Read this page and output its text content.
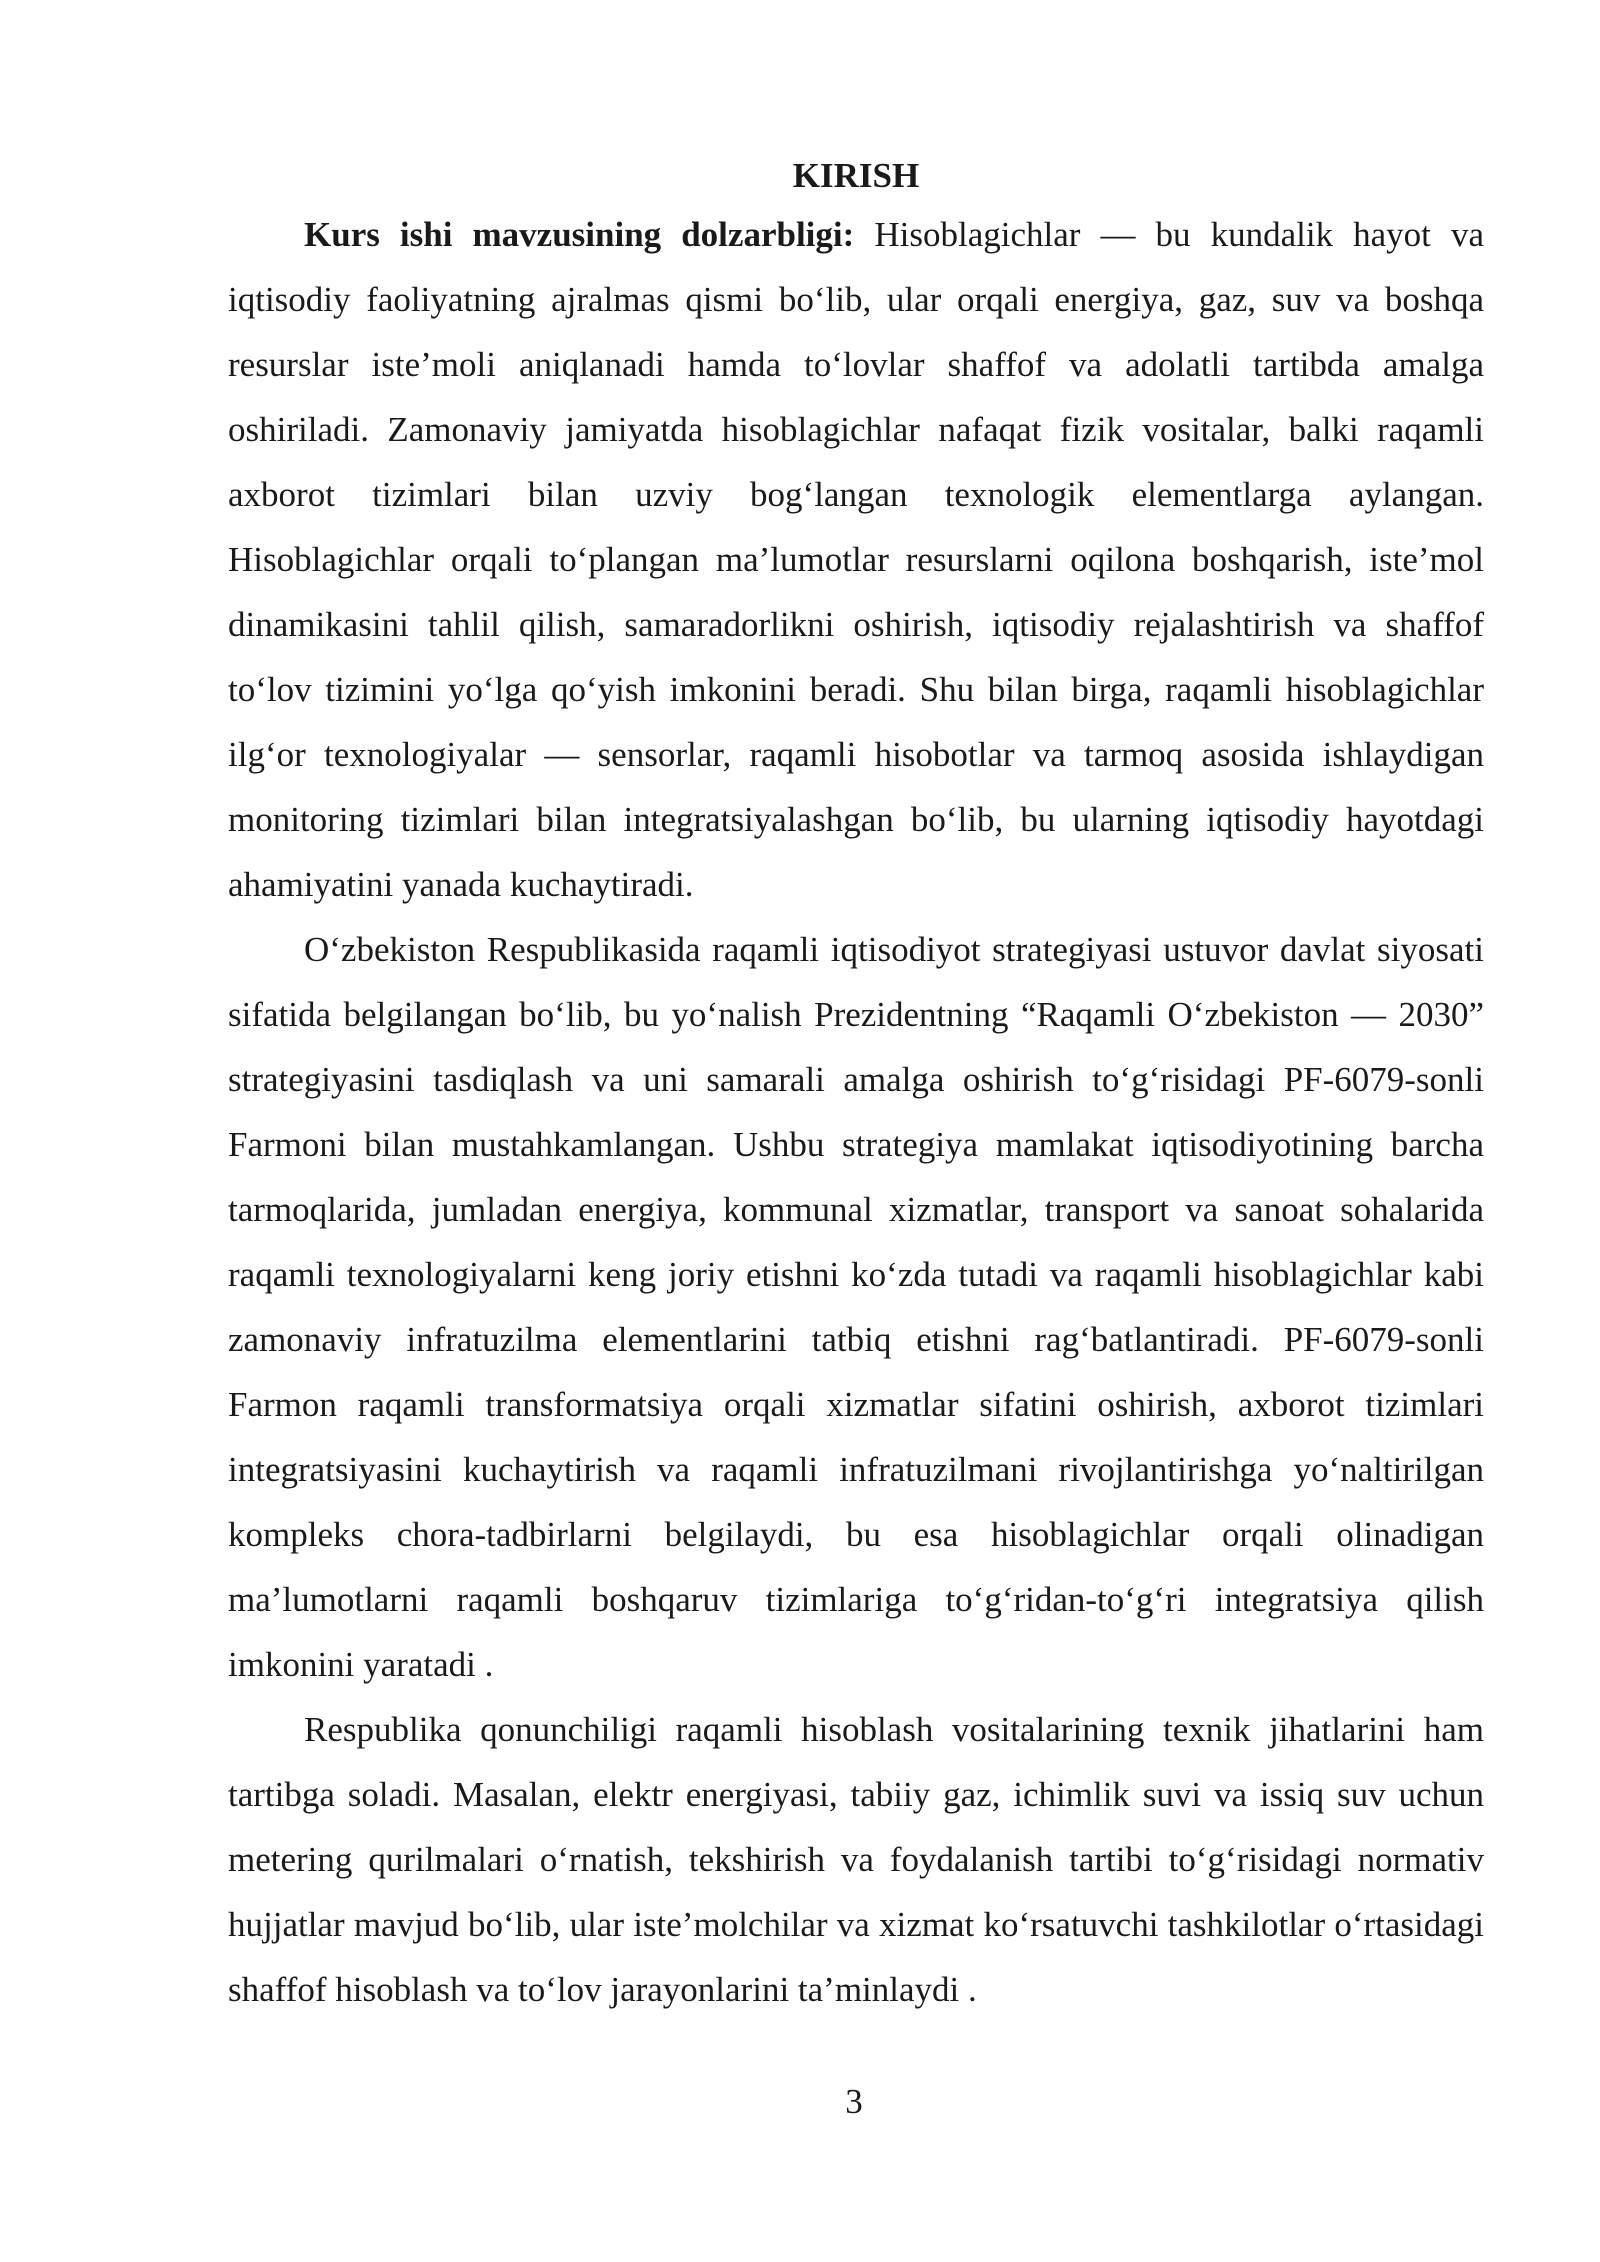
KIRISH

Kurs ishi mavzusining dolzarbligi: Hisoblagichlar — bu kundalik hayot va iqtisodiy faoliyatning ajralmas qismi bo‘lib, ular orqali energiya, gaz, suv va boshqa resurslar iste’moli aniqlanadi hamda to‘lovlar shaffof va adolatli tartibda amalga oshiriladi. Zamonaviy jamiyatda hisoblagichlar nafaqat fizik vositalar, balki raqamli axborot tizimlari bilan uzviy bog‘langan texnologik elementlarga aylangan. Hisoblagichlar orqali to‘plangan ma’lumotlar resurslarni oqilona boshqarish, iste’mol dinamikasini tahlil qilish, samaradorlikni oshirish, iqtisodiy rejalashtirish va shaffof to‘lov tizimini yo‘lga qo‘yish imkonini beradi. Shu bilan birga, raqamli hisoblagichlar ilg‘or texnologiyalar — sensorlar, raqamli hisobotlar va tarmoq asosida ishlaydigan monitoring tizimlari bilan integratsiyalashgan bo‘lib, bu ularning iqtisodiy hayotdagi ahamiyatini yanada kuchaytiradi.

O‘zbekiston Respublikasida raqamli iqtisodiyot strategiyasi ustuvor davlat siyosati sifatida belgilangan bo‘lib, bu yo‘nalish Prezidentning “Raqamli O‘zbekiston — 2030” strategiyasini tasdiqlash va uni samarali amalga oshirish to‘g‘risidagi PF-6079-sonli Farmoni bilan mustahkamlangan. Ushbu strategiya mamlakat iqtisodiyotining barcha tarmoqlarida, jumladan energiya, kommunal xizmatlar, transport va sanoat sohalarida raqamli texnologiyalarni keng joriy etishni ko‘zda tutadi va raqamli hisoblagichlar kabi zamonaviy infratuzilma elementlarini tatbiq etishni rag‘batlantiradi. PF-6079-sonli Farmon raqamli transformatsiya orqali xizmatlar sifatini oshirish, axborot tizimlari integratsiyasini kuchaytirish va raqamli infratuzilmani rivojlantirishga yo‘naltirilgan kompleks chora-tadbirlarni belgilaydi, bu esa hisoblagichlar orqali olinadigan ma’lumotlarni raqamli boshqaruv tizimlariga to‘g‘ridan-to‘g‘ri integratsiya qilish imkonini yaratadi .

Respublika qonunchiligi raqamli hisoblash vositalarining texnik jihatlarini ham tartibga soladi. Masalan, elektr energiyasi, tabiiy gaz, ichimlik suvi va issiq suv uchun metering qurilmalari o‘rnatish, tekshirish va foydalanish tartibi to‘g‘risidagi normativ hujjatlar mavjud bo‘lib, ular iste’molchilar va xizmat ko‘rsatuvchi tashkilotlar o‘rtasidagi shaffof hisoblash va to‘lov jarayonlarini ta’minlaydi .

3
